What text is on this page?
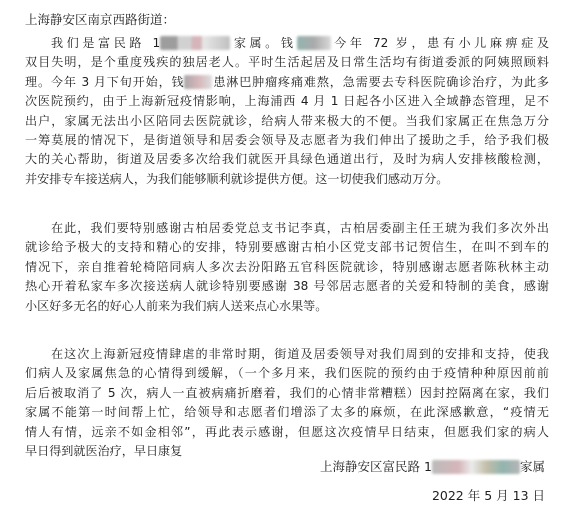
上海静安区南京西路街道：
我们是富民路 1	家属。钱	今年 72 岁，患有小儿麻痹症及
双目失明，是个重度残疾的独居老人。平时生活起居及日常生活均有街道委派的阿姨照顾料
理。今年 3 月下旬开始，钱 患淋巴肿瘤疼痛难熬，急需要去专科医院确诊治疗，为此多
次医院预约，由于上海新冠疫情影响，上海浦西 4 月 1 日起各小区进入全域静态管理，足不
出户，家属无法出小区陪同去医院就诊，给病人带来极大的不便。当我们家属正在焦急万分
一筹莫展的情况下，是街道领导和居委会领导及志愿者为我们伸出了援助之手，给予我们极
大的关心帮助，街道及居委多次给我们就医开具绿色通道出行，及时为病人安排核酸检测，
并安排专车接送病人，为我们能够顺利就诊提供方便。这一切使我们感动万分。
在此，我们要特别感谢古柏居委党总支书记李真，古柏居委副主任王琥为我们多次外出
就诊给予极大的支持和精心的安排，特别要感谢古柏小区党支部书记贺信生，在叫不到车的
情况下，亲自推着轮椅陪同病人多次去汾阳路五官科医院就诊，特别感谢志愿者陈秋林主动
热心开着私家车多次接送病人就诊特别要感谢 38 号邻居志愿者的关爱和特制的美食，感谢
小区好多无名的好心人前来为我们病人送来点心水果等。
在这次上海新冠疫情肆虐的非常时期，街道及居委领导对我们周到的安排和支持，使我
们病人及家属焦急的心情得到缓解，（一个多月来，我们医院的预约由于疫情种种原因前前
后后被取消了 5 次，病人一直被病痛折磨着，我们的心情非常糟糕）因封控隔离在家，我们
家属不能第一时间帮上忙，给领导和志愿者们增添了太多的麻烦，在此深感歉意，“疫情无
情人有情，远亲不如金相邻”，再此表示感谢，但愿这次疫情早日结束，但愿我们家的病人
早日得到就医治疗，早日康复
上海静安区富民路 1	家属
2022 年 5 月 13 日
